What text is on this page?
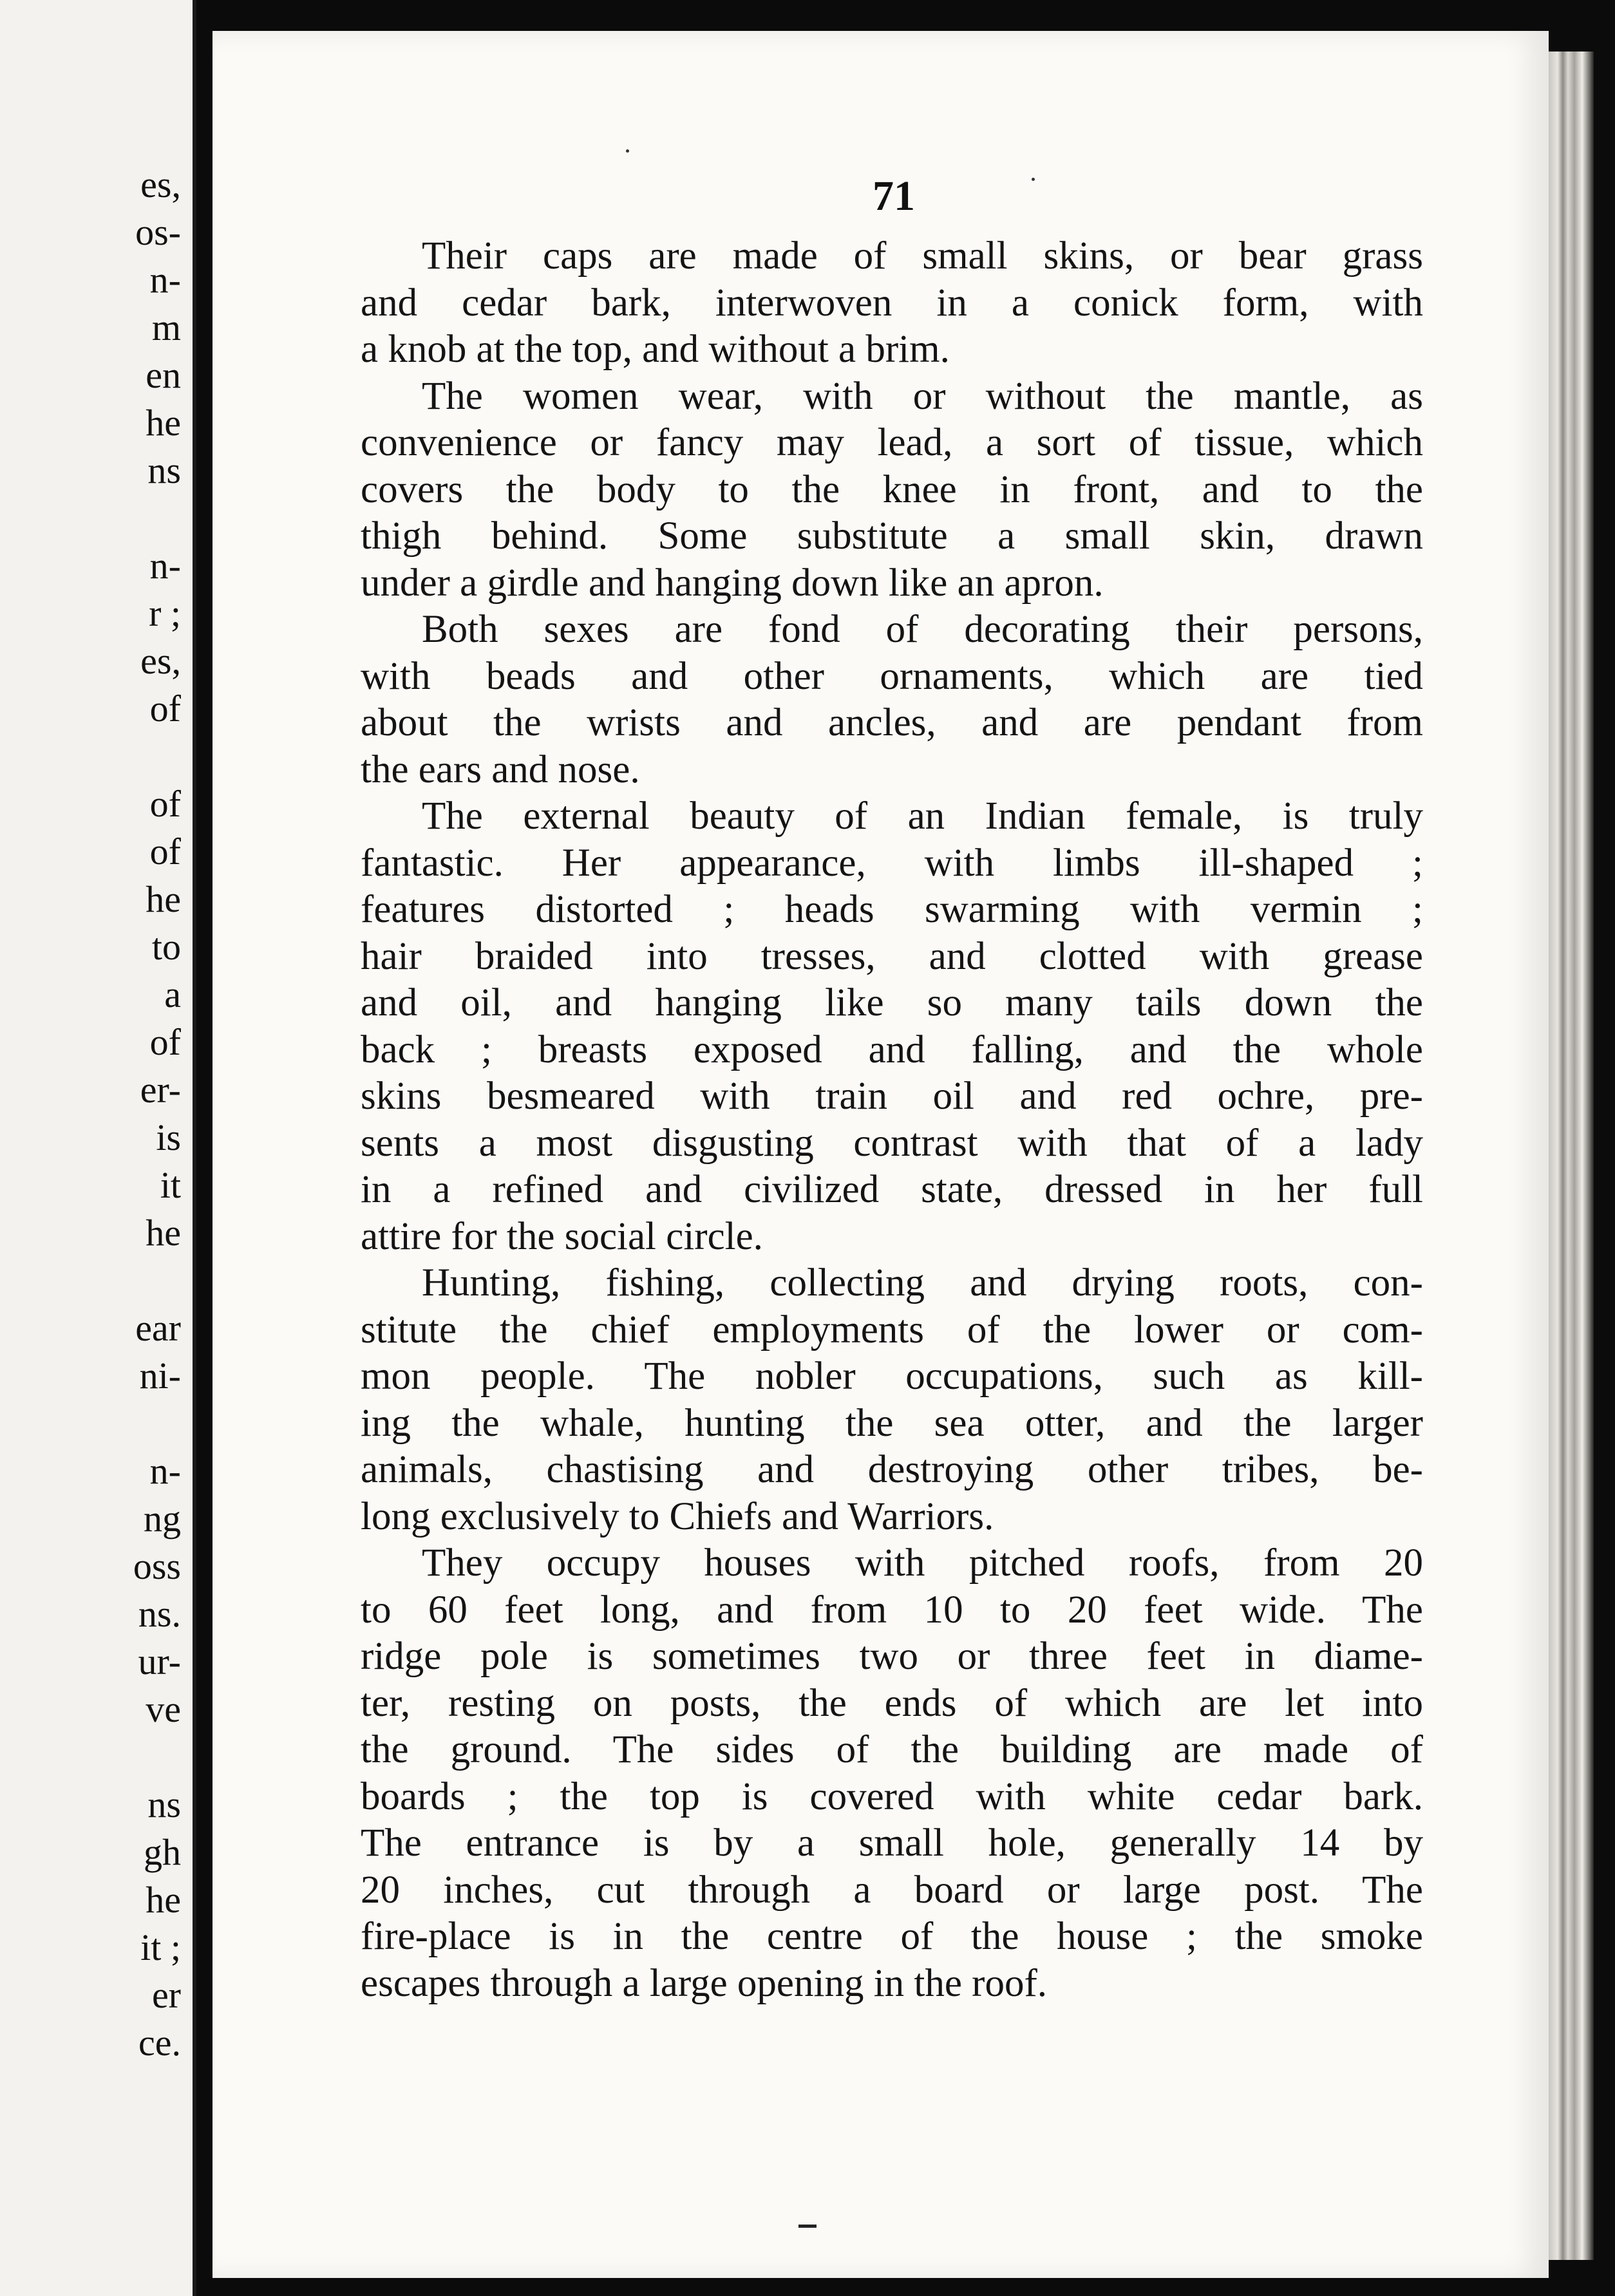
es,
os-
n-
m
en
he
ns
n-
r ;
es,
of
of
of
he
to
a
of
er-
is
it
he
ear
ni-
n-
ng
oss
ns.
ur-
ve
ns
gh
he
it ;
er
ce.
71
Their caps are made of small skins, or bear grass
and cedar bark, interwoven in a conick form, with
a knob at the top, and without a brim.
The women wear, with or without the mantle, as
convenience or fancy may lead, a sort of tissue, which
covers the body to the knee in front, and to the
thigh behind. Some substitute a small skin, drawn
under a girdle and hanging down like an apron.
Both sexes are fond of decorating their persons,
with beads and other ornaments, which are tied
about the wrists and ancles, and are pendant from
the ears and nose.
The external beauty of an Indian female, is truly
fantastic. Her appearance, with limbs ill-shaped ;
features distorted ; heads swarming with vermin ;
hair braided into tresses, and clotted with grease
and oil, and hanging like so many tails down the
back ; breasts exposed and falling, and the whole
skins besmeared with train oil and red ochre, pre-
sents a most disgusting contrast with that of a lady
in a refined and civilized state, dressed in her full
attire for the social circle.
Hunting, fishing, collecting and drying roots, con-
stitute the chief employments of the lower or com-
mon people. The nobler occupations, such as kill-
ing the whale, hunting the sea otter, and the larger
animals, chastising and destroying other tribes, be-
long exclusively to Chiefs and Warriors.
They occupy houses with pitched roofs, from 20
to 60 feet long, and from 10 to 20 feet wide. The
ridge pole is sometimes two or three feet in diame-
ter, resting on posts, the ends of which are let into
the ground. The sides of the building are made of
boards ; the top is covered with white cedar bark.
The entrance is by a small hole, generally 14 by
20 inches, cut through a board or large post. The
fire-place is in the centre of the house ; the smoke
escapes through a large opening in the roof.
